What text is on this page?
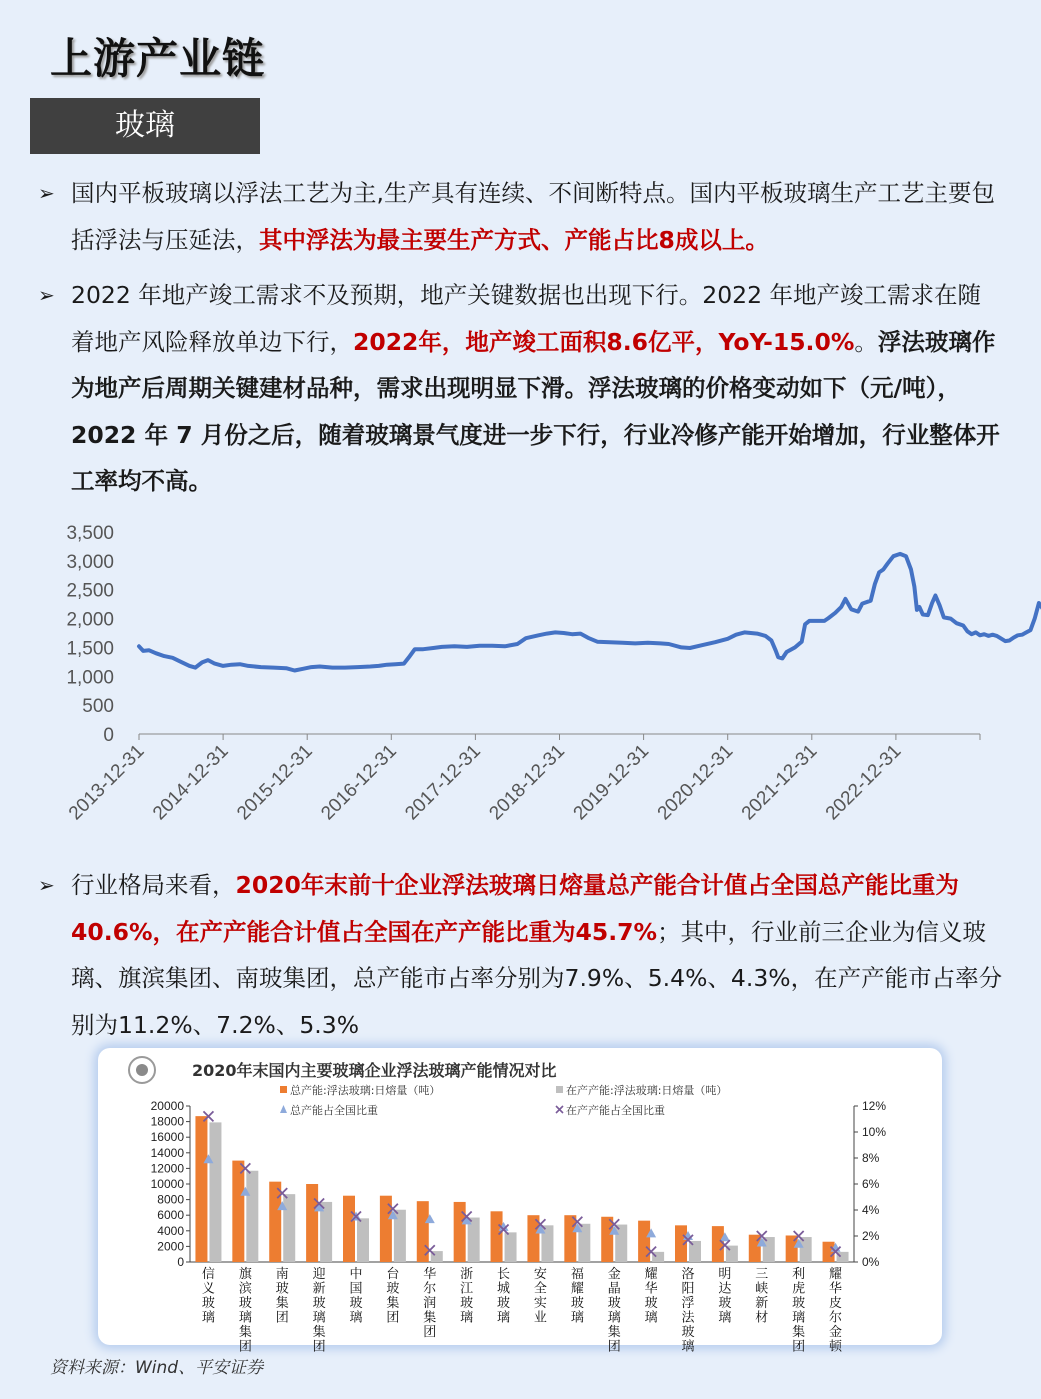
上游产业链
玻璃
➢ 国内平板玻璃以浮法工艺为主,生产具有连续、不间断特点。国内平板玻璃生产工艺主要包括浮法与压延法，其中浮法为最主要生产方式、产能占比8成以上。
➢ 2022 年地产竣工需求不及预期，地产关键数据也出现下行。2022 年地产竣工需求在随着地产风险释放单边下行，2022年，地产竣工面积8.6亿平，YoY-15.0%。浮法玻璃作为地产后周期关键建材品种，需求出现明显下滑。浮法玻璃的价格变动如下（元/吨），2022 年 7 月份之后，随着玻璃景气度进一步下行，行业冷修产能开始增加，行业整体开工率均不高。
0
500
1,000
1,500
2,000
2,500
3,000
3,500
2013-12-31 2014-12-31 2015-12-31 2016-12-31 2017-12-31 2018-12-31 2019-12-31 2020-12-31 2021-12-31 2022-12-31
➢ 行业格局来看，2020年末前十企业浮法玻璃日熔量总产能合计值占全国总产能比重为40.6%，在产产能合计值占全国在产产能比重为45.7%；其中，行业前三企业为信义玻璃、旗滨集团、南玻集团，总产能市占率分别为7.9%、5.4%、4.3%，在产产能市占率分别为11.2%、7.2%、5.3%
2020年末国内主要玻璃企业浮法玻璃产能情况对比
总产能:浮法玻璃:日熔量（吨）	在产产能:浮法玻璃:日熔量（吨）
总产能占全国比重	在产产能占全国比重
0
2000
4000
6000
8000
10000
12000
14000
16000
18000
20000
0%
2%
4%
6%
8%
10%
12%
信
义
玻
璃
旗
滨
玻
璃
集
团
南
玻
集
团
迎
新
玻
璃
集
团
中
国
玻
璃
台
玻
集
团
华
尔
润
集
团
浙
江
玻
璃
长
城
玻
璃
安
全
实
业
福
耀
玻
璃
金
晶
玻
璃
集
团
耀
华
玻
璃
洛
阳
浮
法
玻
璃
明
达
玻
璃
三
峡
新
材
利
虎
玻
璃
集
团
耀
华
皮
尔
金
顿
资料来源：Wind、平安证券
